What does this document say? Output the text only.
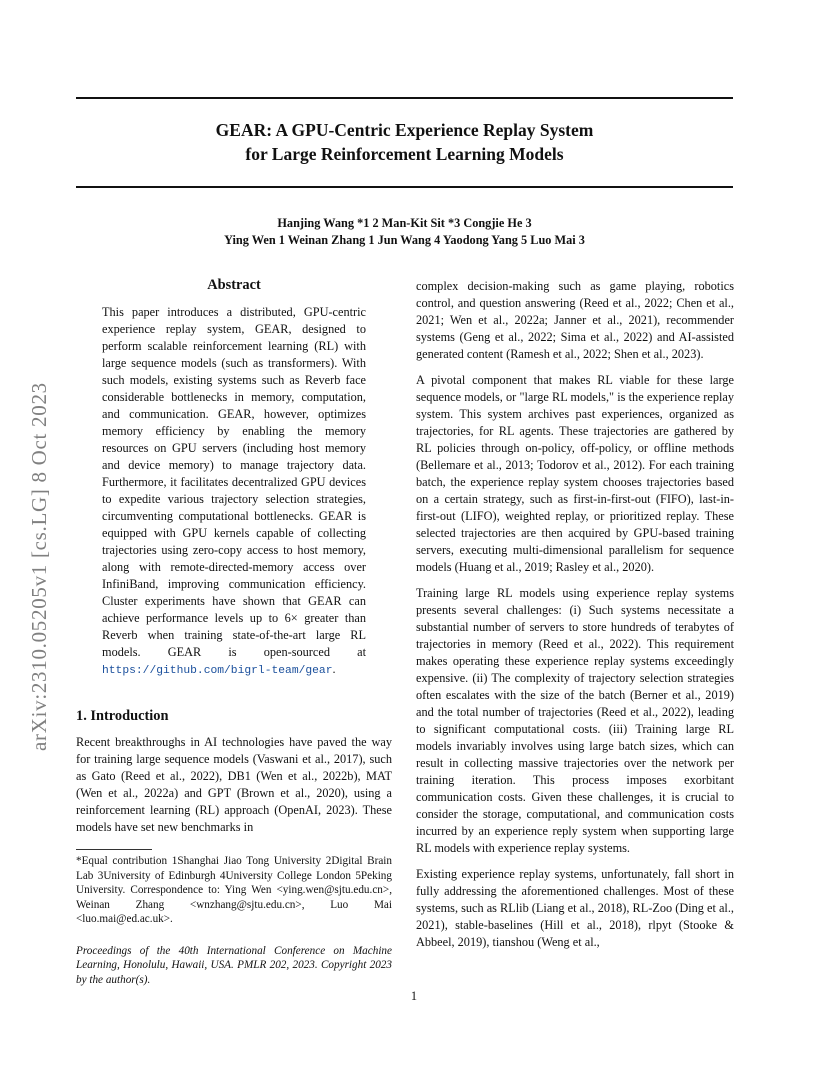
GEAR: A GPU-Centric Experience Replay System
for Large Reinforcement Learning Models
Hanjing Wang *1 2 Man-Kit Sit *3 Congjie He 3
Ying Wen 1 Weinan Zhang 1 Jun Wang 4 Yaodong Yang 5 Luo Mai 3
arXiv:2310.05205v1 [cs.LG] 8 Oct 2023
Abstract
This paper introduces a distributed, GPU-centric experience replay system, GEAR, designed to perform scalable reinforcement learning (RL) with large sequence models (such as transformers). With such models, existing systems such as Reverb face considerable bottlenecks in memory, computation, and communication. GEAR, however, optimizes memory efficiency by enabling the memory resources on GPU servers (including host memory and device memory) to manage trajectory data. Furthermore, it facilitates decentralized GPU devices to expedite various trajectory selection strategies, circumventing computational bottlenecks. GEAR is equipped with GPU kernels capable of collecting trajectories using zero-copy access to host memory, along with remote-directed-memory access over InfiniBand, improving communication efficiency. Cluster experiments have shown that GEAR can achieve performance levels up to 6× greater than Reverb when training state-of-the-art large RL models. GEAR is open-sourced at https://github.com/bigrl-team/gear.
1. Introduction
Recent breakthroughs in AI technologies have paved the way for training large sequence models (Vaswani et al., 2017), such as Gato (Reed et al., 2022), DB1 (Wen et al., 2022b), MAT (Wen et al., 2022a) and GPT (Brown et al., 2020), using a reinforcement learning (RL) approach (OpenAI, 2023). These models have set new benchmarks in
*Equal contribution 1Shanghai Jiao Tong University 2Digital Brain Lab 3University of Edinburgh 4University College London 5Peking University. Correspondence to: Ying Wen <ying.wen@sjtu.edu.cn>, Weinan Zhang <wnzhang@sjtu.edu.cn>, Luo Mai <luo.mai@ed.ac.uk>.
Proceedings of the 40th International Conference on Machine Learning, Honolulu, Hawaii, USA. PMLR 202, 2023. Copyright 2023 by the author(s).

complex decision-making such as game playing, robotics control, and question answering (Reed et al., 2022; Chen et al., 2021; Wen et al., 2022a; Janner et al., 2021), recommender systems (Geng et al., 2022; Sima et al., 2022) and AI-assisted generated content (Ramesh et al., 2022; Shen et al., 2023).

A pivotal component that makes RL viable for these large sequence models, or "large RL models," is the experience replay system. This system archives past experiences, organized as trajectories, for RL agents. These trajectories are gathered by RL policies through on-policy, off-policy, or offline methods (Bellemare et al., 2013; Todorov et al., 2012). For each training batch, the experience replay system chooses trajectories based on a certain strategy, such as first-in-first-out (FIFO), last-in-first-out (LIFO), weighted replay, or prioritized replay. These selected trajectories are then acquired by GPU-based training servers, executing multi-dimensional parallelism for sequence models (Huang et al., 2019; Rasley et al., 2020).

Training large RL models using experience replay systems presents several challenges: (i) Such systems necessitate a substantial number of servers to store hundreds of terabytes of trajectories in memory (Reed et al., 2022). This requirement makes operating these experience replay systems exceedingly expensive. (ii) The complexity of trajectory selection strategies often escalates with the size of the batch (Berner et al., 2019) and the total number of trajectories (Reed et al., 2022), leading to significant computational costs. (iii) Training large RL models invariably involves using large batch sizes, which can result in collecting massive trajectories over the network per training iteration. This process imposes exorbitant communication costs. Given these challenges, it is crucial to consider the storage, computational, and communication costs incurred by an experience reply system when supporting large RL models with experience replay systems.

Existing experience replay systems, unfortunately, fall short in fully addressing the aforementioned challenges. Most of these systems, such as RLlib (Liang et al., 2018), RL-Zoo (Ding et al., 2021), stable-baselines (Hill et al., 2018), rlpyt (Stooke & Abbeel, 2019), tianshou (Weng et al.,

1
